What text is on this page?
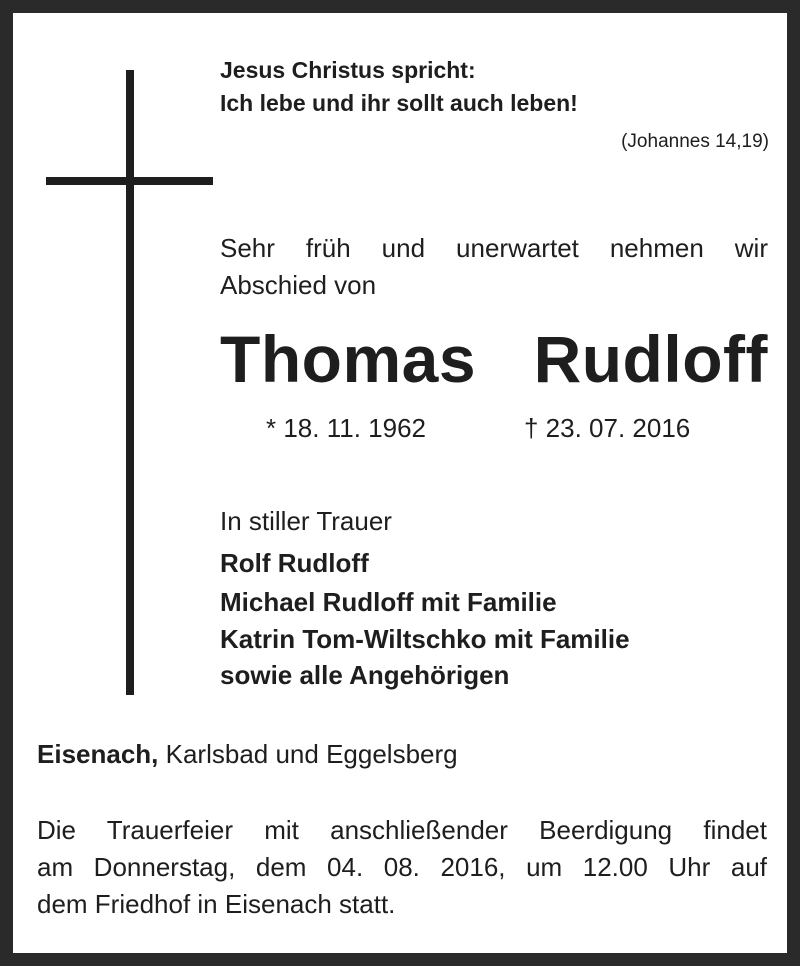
Jesus Christus spricht:
Ich lebe und ihr sollt auch leben!
(Johannes 14,19)
Sehr früh und unerwartet nehmen wir
Abschied von
Thomas Rudloff
* 18. 11. 1962	† 23. 07. 2016
In stiller Trauer
Rolf Rudloff
Michael Rudloff mit Familie
Katrin Tom-Wiltschko mit Familie
sowie alle Angehörigen
Eisenach, Karlsbad und Eggelsberg
Die Trauerfeier mit anschließender Beerdigung findet
am Donnerstag, dem 04. 08. 2016, um 12.00 Uhr auf
dem Friedhof in Eisenach statt.
